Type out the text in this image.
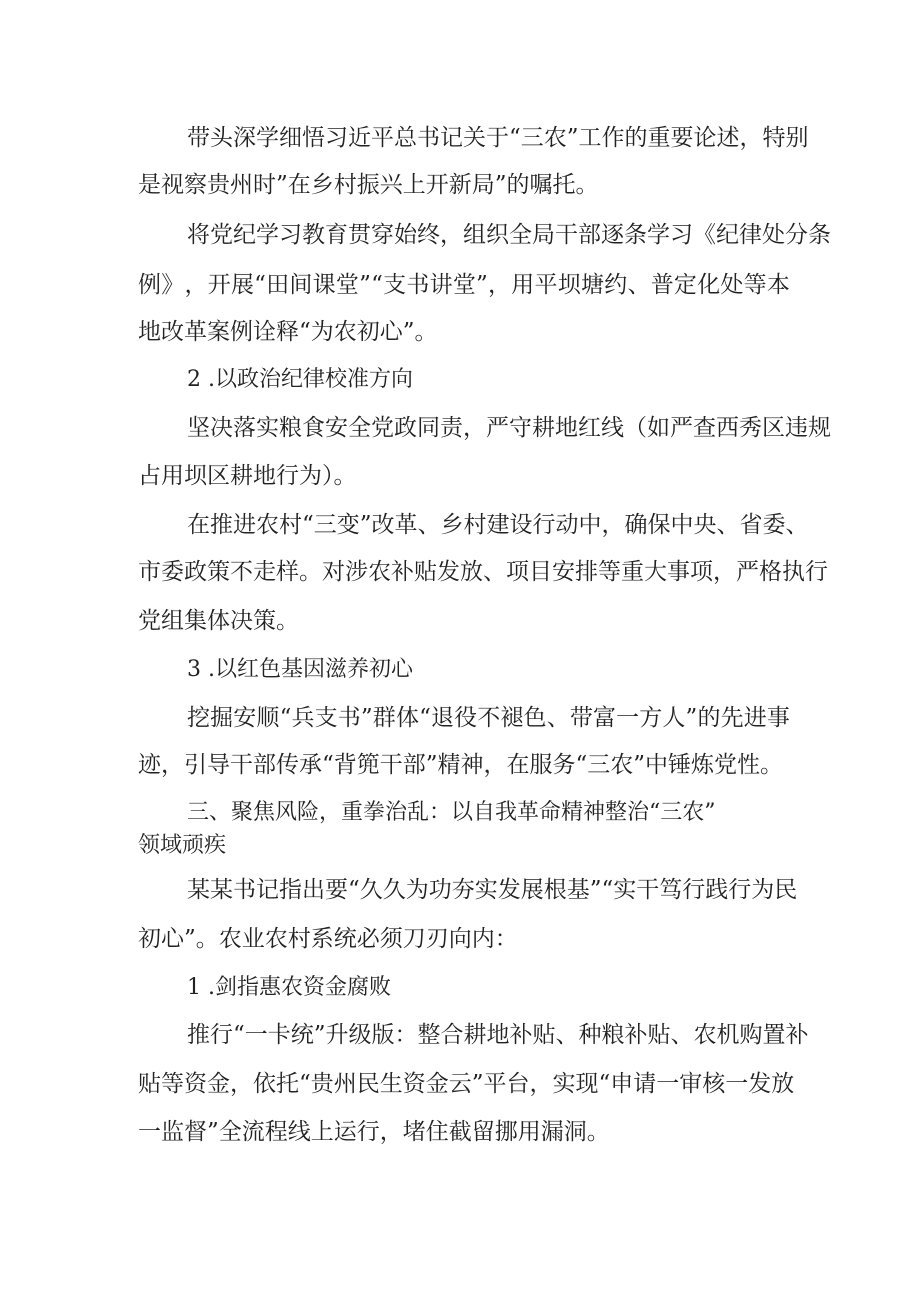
带 头 深 学 细 悟 习 近 平 总 书 记 关 于 “ 三 农 ” 工 作 的 重 要 论 述 ， 特 别
是视察贵州时”在乡村振兴上开新局”的嘱托。
将 党 纪 学 习 教 育 贯 穿 始 终 ， 组 织 全 局 干 部 逐 条 学 习 《 纪 律 处 分 条
例 》 ， 开 展 “ 田 间 课 堂 ” “ 支 书 讲 堂 ” ， 用 平 坝 塘 约 、 普 定 化 处 等 本
地改革案例诠释“为农初心”。
2 .以政治纪律校准方向
坚 决 落 实 粮 食 安 全 党 政 同 责 ， 严 守 耕 地 红 线 （ 如 严 查 西 秀 区 违 规
占用坝区耕地行为）。
在 推 进 农 村 “ 三 变 ” 改 革 、 乡 村 建 设 行 动 中 ， 确 保 中 央 、 省 委 、
市 委 政 策 不 走 样 。 对 涉 农 补 贴 发 放 、 项 目 安 排 等 重 大 事 项 ， 严 格 执 行
党组集体决策。
3 .以红色基因滋养初心
挖 掘 安 顺 “ 兵 支 书 ” 群 体 “ 退 役 不 褪 色 、 带 富 一 方 人 ” 的 先 进 事
迹，引导干部传承“背篼干部”精神，在服务“三农”中锤炼党性。
三、聚焦风险，重拳治乱：以自我革命精神整治“三农”
领域顽疾
某 某 书 记 指 出 要 “ 久 久 为 功 夯 实 发 展 根 基 ” “ 实 干 笃 行 践 行 为 民
初心”。农业农村系统必须刀刃向内：
1 .剑指惠农资金腐败
推 行 “ 一 卡 统 ” 升 级 版 ： 整 合 耕 地 补 贴 、 种 粮 补 贴 、 农 机 购 置 补
贴 等 资 金 ， 依 托 “ 贵 州 民 生 资 金 云 ” 平 台 ， 实 现 “ 申 请 一 审 核 一 发 放
一监督”全流程线上运行，堵住截留挪用漏洞。
